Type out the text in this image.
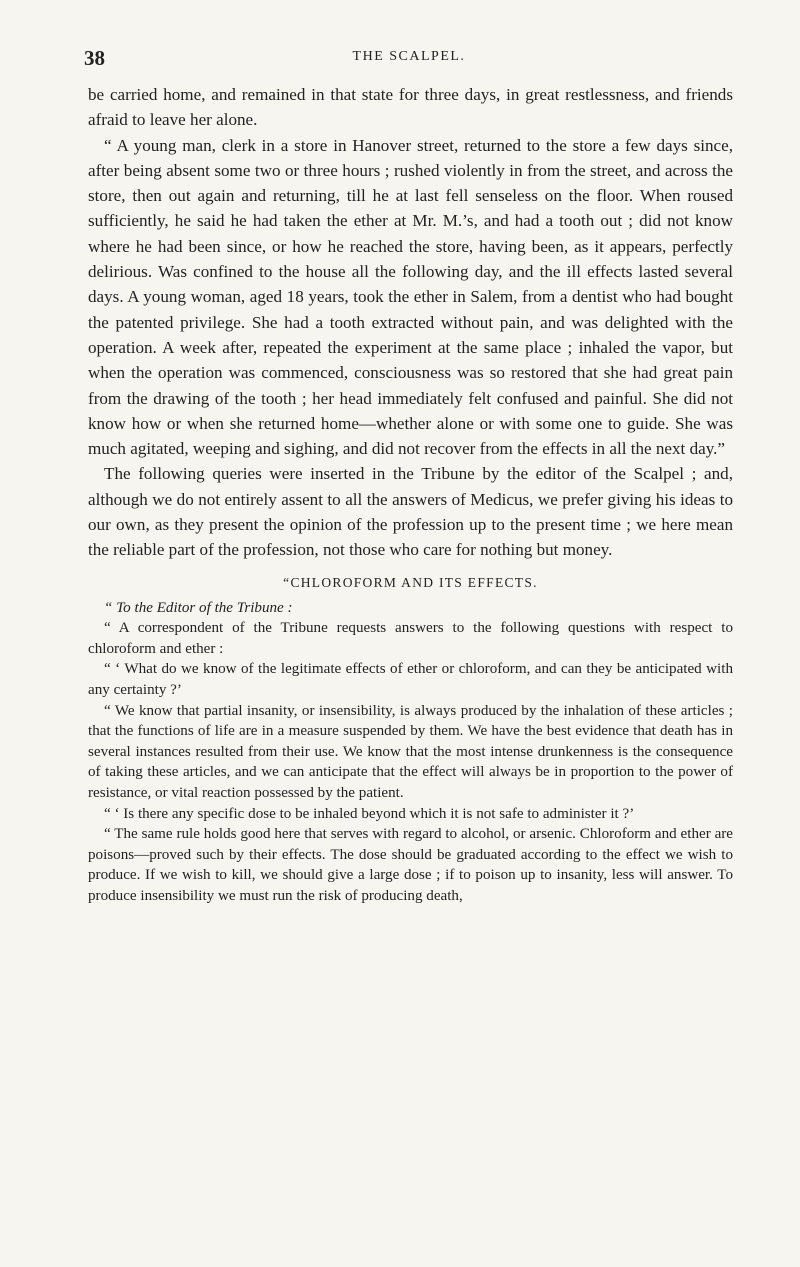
38	THE SCALPEL.

be carried home, and remained in that state for three days, in great restlessness, and friends afraid to leave her alone.

“ A young man, clerk in a store in Hanover street, returned to the store a few days since, after being absent some two or three hours ; rushed violently in from the street, and across the store, then out again and returning, till he at last fell senseless on the floor. When roused sufficiently, he said he had taken the ether at Mr. M.’s, and had a tooth out ; did not know where he had been since, or how he reached the store, having been, as it appears, perfectly delirious. Was confined to the house all the following day, and the ill effects lasted several days. A young woman, aged 18 years, took the ether in Salem, from a dentist who had bought the patented privilege. She had a tooth extracted without pain, and was delighted with the operation. A week after, repeated the experiment at the same place ; inhaled the vapor, but when the operation was commenced, consciousness was so restored that she had great pain from the drawing of the tooth ; her head immediately felt confused and painful. She did not know how or when she returned home—whether alone or with some one to guide. She was much agitated, weeping and sighing, and did not recover from the effects in all the next day.”

The following queries were inserted in the Tribune by the editor of the Scalpel ; and, although we do not entirely assent to all the answers of Medicus, we prefer giving his ideas to our own, as they present the opinion of the profession up to the present time ; we here mean the reliable part of the profession, not those who care for nothing but money.

“CHLOROFORM AND ITS EFFECTS.

“ To the Editor of the Tribune :

“ A correspondent of the Tribune requests answers to the following questions with respect to chloroform and ether :

“ ‘ What do we know of the legitimate effects of ether or chloroform, and can they be anticipated with any certainty ?’

“ We know that partial insanity, or insensibility, is always produced by the inhalation of these articles ; that the functions of life are in a measure suspended by them. We have the best evidence that death has in several instances resulted from their use. We know that the most intense drunkenness is the consequence of taking these articles, and we can anticipate that the effect will always be in proportion to the power of resistance, or vital reaction possessed by the patient.

“ ‘ Is there any specific dose to be inhaled beyond which it is not safe to administer it ?’

“ The same rule holds good here that serves with regard to alcohol, or arsenic. Chloroform and ether are poisons—proved such by their effects. The dose should be graduated according to the effect we wish to produce. If we wish to kill, we should give a large dose ; if to poison up to insanity, less will answer. To produce insensibility we must run the risk of producing death,
